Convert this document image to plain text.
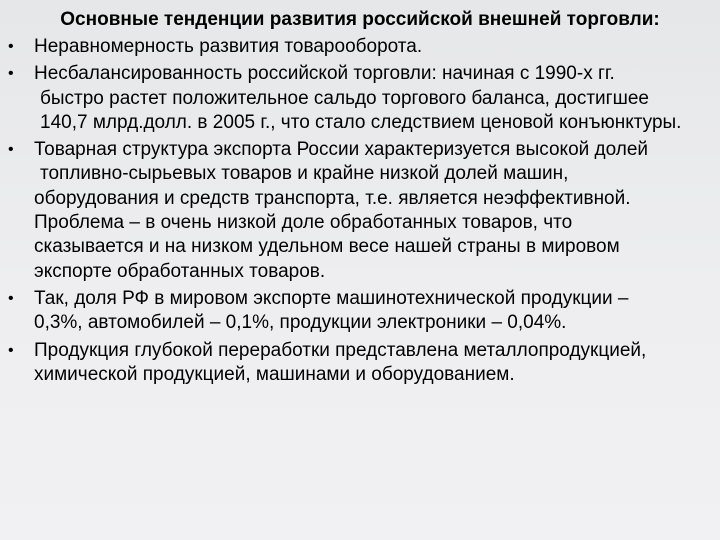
Основные тенденции развития российской внешней торговли:
•	Неравномерность развития товарооборота.
•	Несбалансированность российской торговли: начиная с 1990-х гг.
быстро растет положительное сальдо торгового баланса, достигшее
140,7 млрд.долл. в 2005 г., что стало следствием ценовой конъюнктуры.
•	Товарная структура экспорта России характеризуется высокой долей
топливно-сырьевых товаров и крайне низкой долей машин,
оборудования и средств транспорта, т.е. является неэффективной.
Проблема – в очень низкой доле обработанных товаров, что
сказывается и на низком удельном весе нашей страны в мировом
экспорте обработанных товаров.
•	Так, доля РФ в мировом экспорте машинотехнической продукции –
0,3%, автомобилей – 0,1%, продукции электроники – 0,04%.
•	Продукция глубокой переработки представлена металлопродукцией,
химической продукцией, машинами и оборудованием.
